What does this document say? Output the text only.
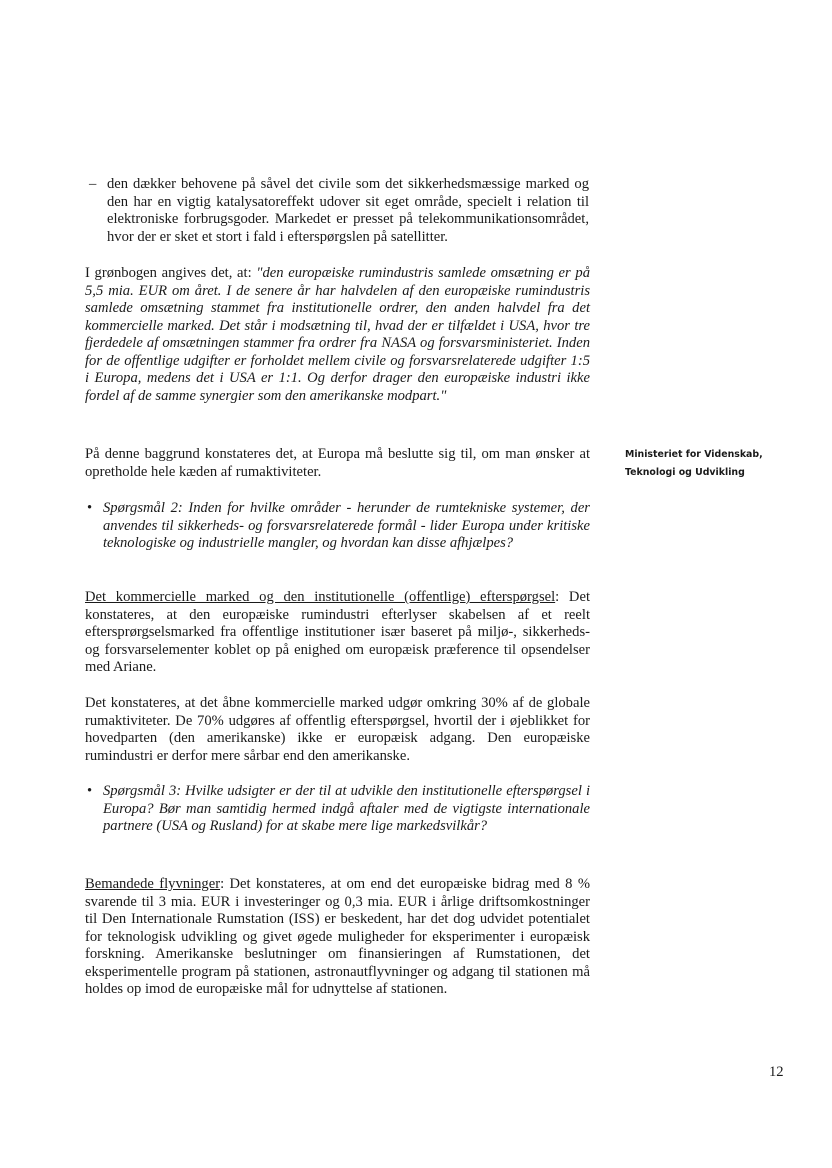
– den dækker behovene på såvel det civile som det sikkerhedsmæssige marked og den har en vigtig katalysatoreffekt udover sit eget område, specielt i relation til elektroniske forbrugsgoder. Markedet er presset på telekommunikationsområdet, hvor der er sket et stort i fald i efterspørgslen på satellitter.

I grønbogen angives det, at: "den europæiske rumindustris samlede omsætning er på 5,5 mia. EUR om året. I de senere år har halvdelen af den europæiske rumindustris samlede omsætning stammet fra institutionelle ordrer, den anden halvdel fra det kommercielle marked. Det står i modsætning til, hvad der er tilfældet i USA, hvor tre fjerdedele af omsætningen stammer fra ordrer fra NASA og forsvarsministeriet. Inden for de offentlige udgifter er forholdet mellem civile og forsvarsrelaterede udgifter 1:5 i Europa, medens det i USA er 1:1. Og derfor drager den europæiske industri ikke fordel af de samme synergier som den amerikanske modpart."

På denne baggrund konstateres det, at Europa må beslutte sig til, om man ønsker at opretholde hele kæden af rumaktiviteter.

Ministeriet for Videnskab,
Teknologi og Udvikling
• Spørgsmål 2: Inden for hvilke områder - herunder de rumtekniske systemer, der anvendes til sikkerheds- og forsvarsrelaterede formål - lider Europa under kritiske teknologiske og industrielle mangler, og hvordan kan disse afhjælpes?

Det kommercielle marked og den institutionelle (offentlige) efterspørgsel: Det konstateres, at den europæiske rumindustri efterlyser skabelsen af et reelt eftersprørgselsmarked fra offentlige institutioner især baseret på miljø-, sikkerheds- og forsvarselementer koblet op på enighed om europæisk præference til opsendelser med Ariane.

Det konstateres, at det åbne kommercielle marked udgør omkring 30% af de globale rumaktiviteter. De 70% udgøres af offentlig efterspørgsel, hvortil der i øjeblikket for hovedparten (den amerikanske) ikke er europæisk adgang. Den europæiske rumindustri er derfor mere sårbar end den amerikanske.

• Spørgsmål 3: Hvilke udsigter er der til at udvikle den institutionelle efterspørgsel i Europa? Bør man samtidig hermed indgå aftaler med de vigtigste internationale partnere (USA og Rusland) for at skabe mere lige markedsvilkår?

Bemandede flyvninger: Det konstateres, at om end det europæiske bidrag med 8 % svarende til 3 mia. EUR i investeringer og 0,3 mia. EUR i årlige driftsomkostninger til Den Internationale Rumstation (ISS) er beskedent, har det dog udvidet potentialet for teknologisk udvikling og givet øgede muligheder for eksperimenter i europæisk forskning. Amerikanske beslutninger om finansieringen af Rumstationen, det eksperimentelle program på stationen, astronautflyvninger og adgang til stationen må holdes op imod de europæiske mål for udnyttelse af stationen.

12
